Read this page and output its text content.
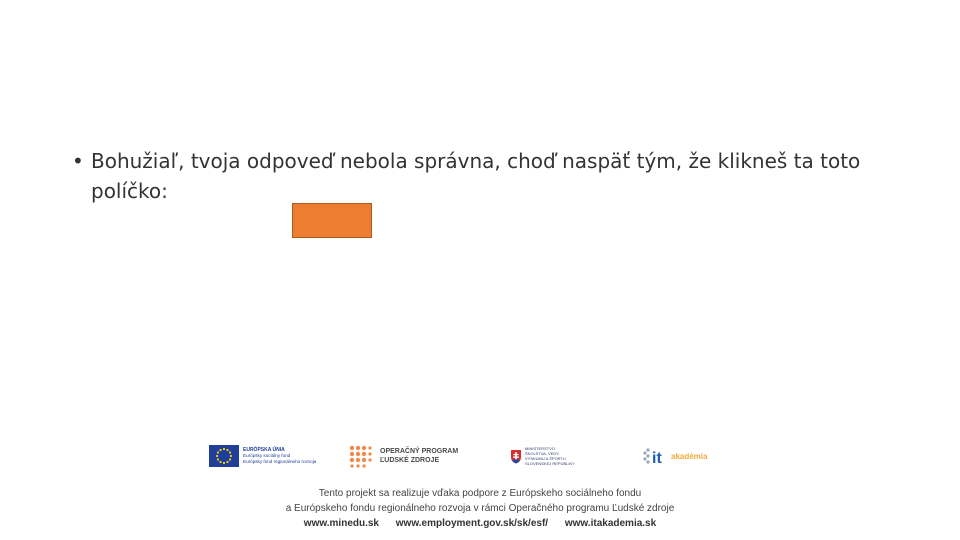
• Bohužiaľ, tvoja odpoveď nebola správna, choď naspäť tým, že klikneš ta toto políčko:
EURÓPSKA ÚNIA
Európsky sociálny fond
Európsky fond regionálneho rozvoja
OPERAČNÝ PROGRAM
ĽUDSKÉ ZDROJE
MINISTERSTVO
ŠKOLSTVA, VEDY,
VÝSKUMU A ŠPORTU
SLOVENSKEJ REPUBLIKY	it akadémia
Tento projekt sa realizuje vďaka podpore z Európskeho sociálneho fondu
a Európskeho fondu regionálneho rozvoja v rámci Operačného programu Ľudské zdroje
www.minedu.sk www.employment.gov.sk/sk/esf/ www.itakademia.sk
